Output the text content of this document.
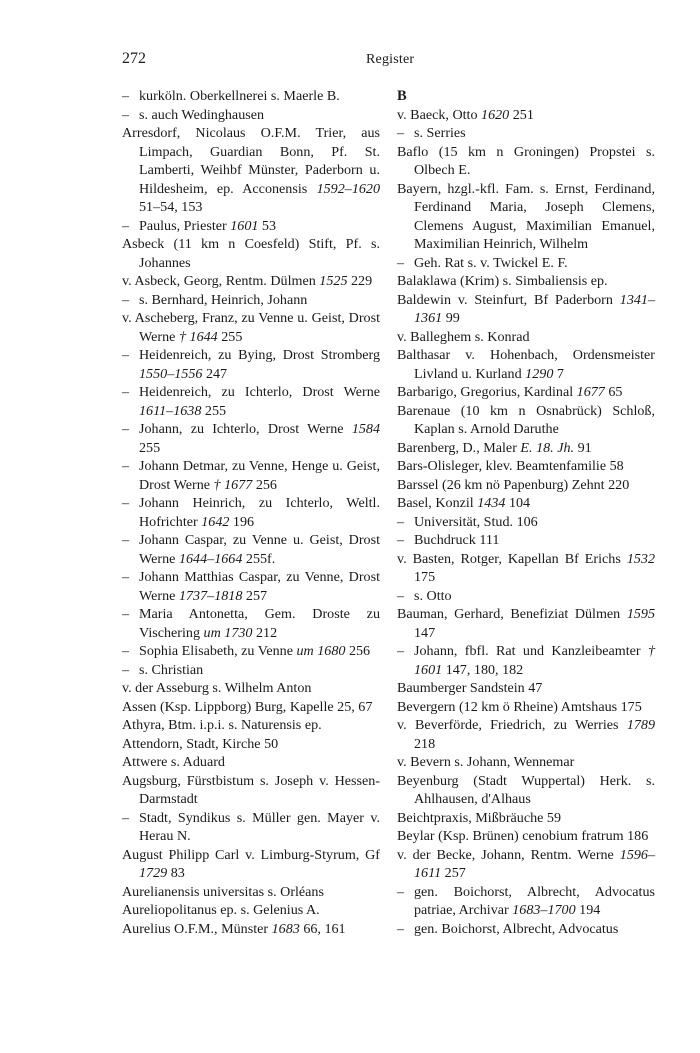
272	Register
– kurköln. Oberkellnerei s. Maerle B.
– s. auch Wedinghausen
Arresdorf, Nicolaus O.F.M. Trier, aus Limpach, Guardian Bonn, Pf. St. Lamberti, Weihbf Münster, Paderborn u. Hildesheim, ep. Acconensis 1592–1620 51–54, 153
– Paulus, Priester 1601 53
Asbeck (11 km n Coesfeld) Stift, Pf. s. Johannes
v. Asbeck, Georg, Rentm. Dülmen 1525 229
– s. Bernhard, Heinrich, Johann
v. Ascheberg, Franz, zu Venne u. Geist, Drost Werne † 1644 255
– Heidenreich, zu Bying, Drost Stromberg 1550–1556 247
– Heidenreich, zu Ichterlo, Drost Werne 1611–1638 255
– Johann, zu Ichterlo, Drost Werne 1584 255
– Johann Detmar, zu Venne, Henge u. Geist, Drost Werne † 1677 256
– Johann Heinrich, zu Ichterlo, Weltl. Hofrichter 1642 196
– Johann Caspar, zu Venne u. Geist, Drost Werne 1644–1664 255f.
– Johann Matthias Caspar, zu Venne, Drost Werne 1737–1818 257
– Maria Antonetta, Gem. Droste zu Vischering um 1730 212
– Sophia Elisabeth, zu Venne um 1680 256
– s. Christian
v. der Asseburg s. Wilhelm Anton
Assen (Ksp. Lippborg) Burg, Kapelle 25, 67
Athyra, Btm. i.p.i. s. Naturensis ep.
Attendorn, Stadt, Kirche 50
Attwere s. Aduard
Augsburg, Fürstbistum s. Joseph v. Hessen-Darmstadt
– Stadt, Syndikus s. Müller gen. Mayer v. Herau N.
August Philipp Carl v. Limburg-Styrum, Gf 1729 83
Aurelianensis universitas s. Orléans
Aureliopolitanus ep. s. Gelenius A.
Aurelius O.F.M., Münster 1683 66, 161
B
v. Baeck, Otto 1620 251
– s. Serries
Baflo (15 km n Groningen) Propstei s. Olbech E.
Bayern, hzgl.-kfl. Fam. s. Ernst, Ferdinand, Ferdinand Maria, Joseph Clemens, Clemens August, Maximilian Emanuel, Maximilian Heinrich, Wilhelm
– Geh. Rat s. v. Twickel E. F.
Balaklawa (Krim) s. Simbaliensis ep.
Baldewin v. Steinfurt, Bf Paderborn 1341–1361 99
v. Balleghem s. Konrad
Balthasar v. Hohenbach, Ordensmeister Livland u. Kurland 1290 7
Barbarigo, Gregorius, Kardinal 1677 65
Barenaue (10 km n Osnabrück) Schloß, Kaplan s. Arnold Daruthe
Barenberg, D., Maler E. 18. Jh. 91
Bars-Olisleger, klev. Beamtenfamilie 58
Barssel (26 km nö Papenburg) Zehnt 220
Basel, Konzil 1434 104
– Universität, Stud. 106
– Buchdruck 111
v. Basten, Rotger, Kapellan Bf Erichs 1532 175
– s. Otto
Bauman, Gerhard, Benefiziat Dülmen 1595 147
– Johann, fbfl. Rat und Kanzleibeamter † 1601 147, 180, 182
Baumberger Sandstein 47
Bevergern (12 km ö Rheine) Amtshaus 175
v. Beverförde, Friedrich, zu Werries 1789 218
v. Bevern s. Johann, Wennemar
Beyenburg (Stadt Wuppertal) Herk. s. Ahlhausen, d'Alhaus
Beichtpraxis, Mißbräuche 59
Beylar (Ksp. Brünen) cenobium fratrum 186
v. der Becke, Johann, Rentm. Werne 1596–1611 257
– gen. Boichorst, Albrecht, Advocatus patriae, Archivar 1683–1700 194
– gen. Boichorst, Albrecht, Advocatus
